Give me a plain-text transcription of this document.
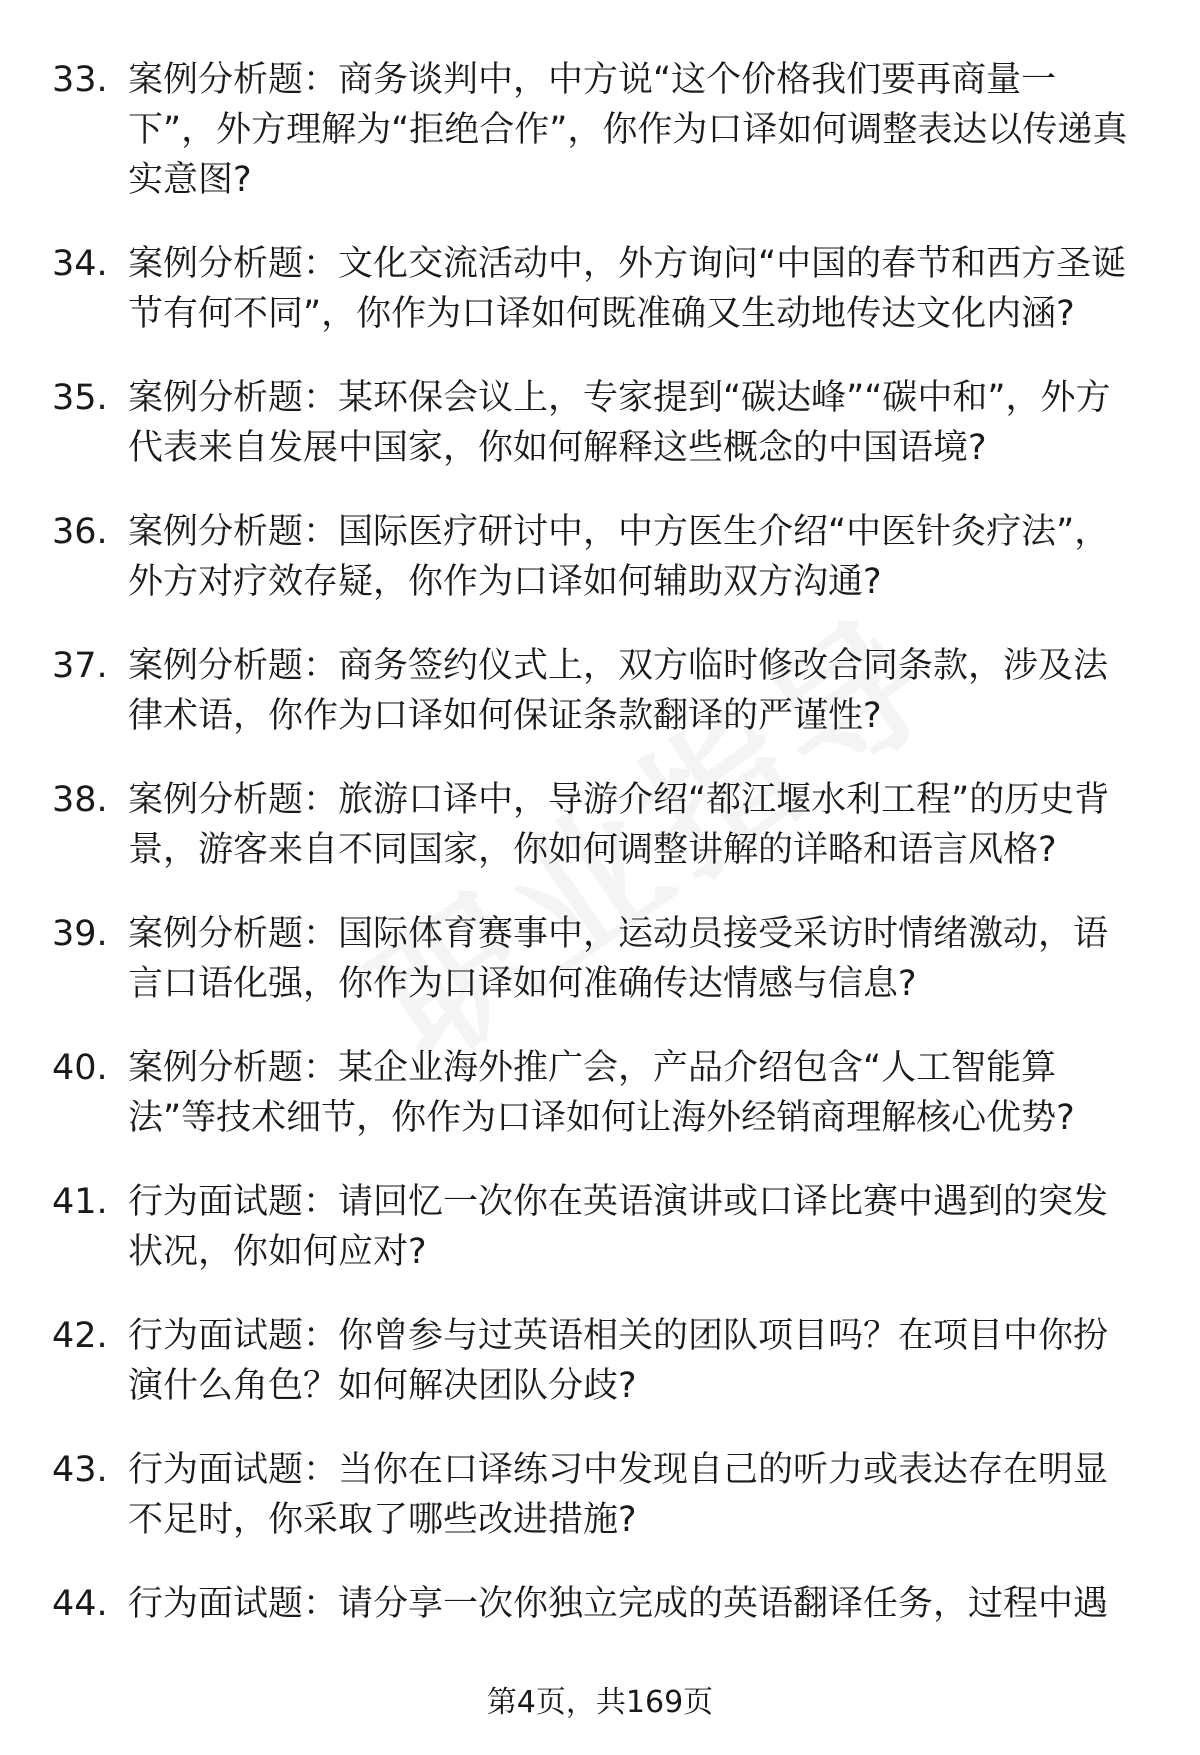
33. 案例分析题：商务谈判中，中方说“这个价格我们要再商量一下”，外方理解为“拒绝合作”，你作为口译如何调整表达以传递真实意图?
34. 案例分析题：文化交流活动中，外方询问“中国的春节和西方圣诞节有何不同”，你作为口译如何既准确又生动地传达文化内涵?
35. 案例分析题：某环保会议上，专家提到“碳达峰”“碳中和”，外方代表来自发展中国家，你如何解释这些概念的中国语境?
36. 案例分析题：国际医疗研讨中，中方医生介绍“中医针灸疗法”，外方对疗效存疑，你作为口译如何辅助双方沟通?
37. 案例分析题：商务签约仪式上，双方临时修改合同条款，涉及法律术语，你作为口译如何保证条款翻译的严谨性?
38. 案例分析题：旅游口译中，导游介绍“都江堰水利工程”的历史背景，游客来自不同国家，你如何调整讲解的详略和语言风格?
39. 案例分析题：国际体育赛事中，运动员接受采访时情绪激动，语言口语化强，你作为口译如何准确传达情感与信息?
40. 案例分析题：某企业海外推广会，产品介绍包含“人工智能算法”等技术细节，你作为口译如何让海外经销商理解核心优势?
41. 行为面试题：请回忆一次你在英语演讲或口译比赛中遇到的突发状况，你如何应对?
42. 行为面试题：你曾参与过英语相关的团队项目吗？在项目中你扮演什么角色？如何解决团队分歧?
43. 行为面试题：当你在口译练习中发现自己的听力或表达存在明显不足时，你采取了哪些改进措施?
44. 行为面试题：请分享一次你独立完成的英语翻译任务，过程中遇
第4页，共169页
